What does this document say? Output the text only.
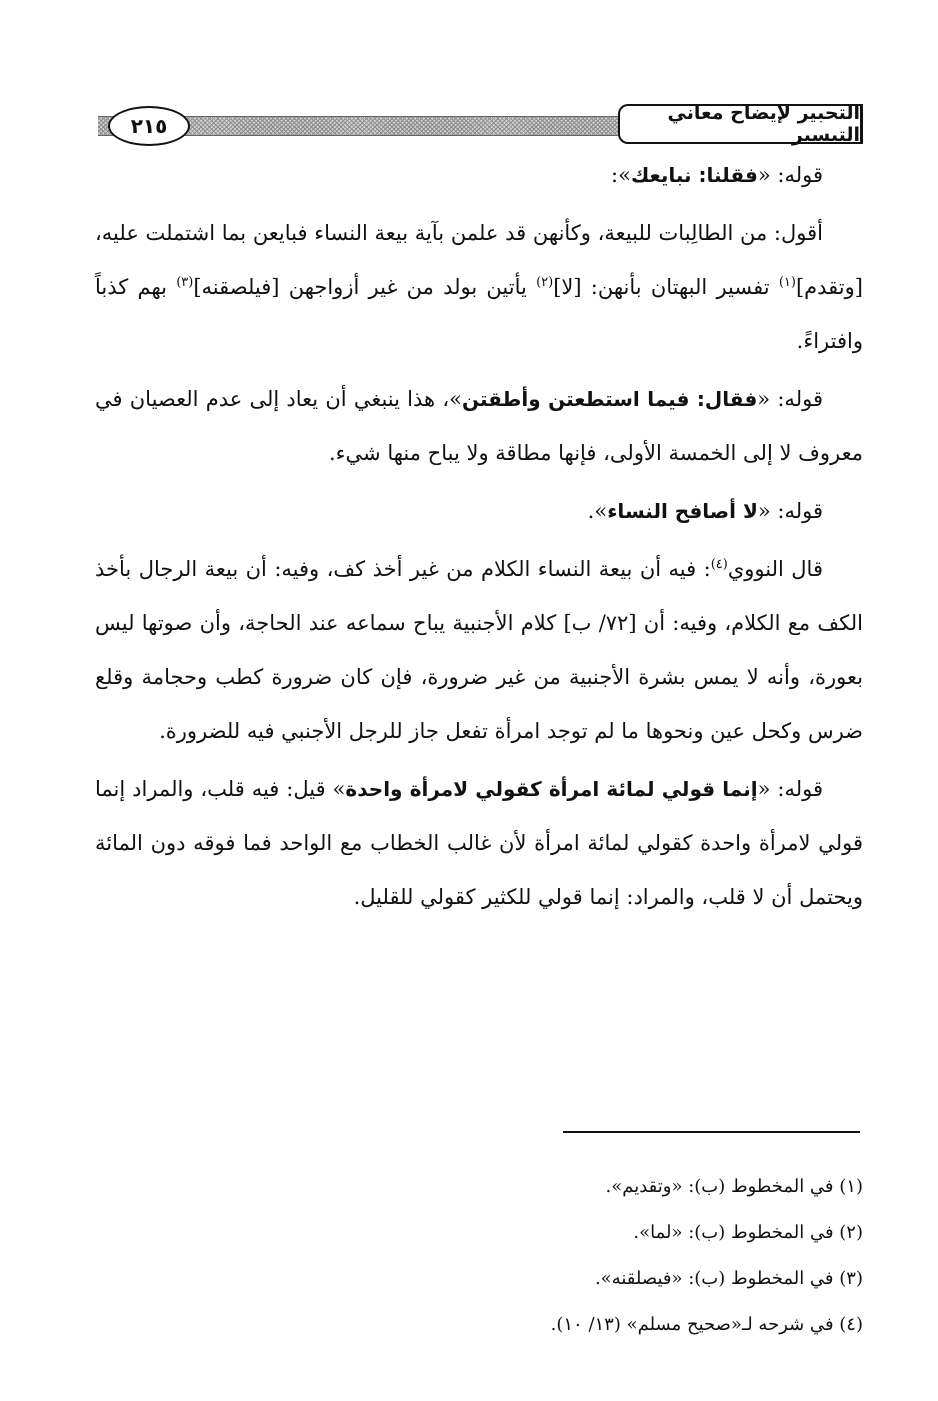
٢١٥
التحبير لإيضاح معاني التيسير

قوله: «فقلنا: نبايعك»:

أقول: من الطالِبات للبيعة، وكأنهن قد علمن بآية بيعة النساء فبايعن بما اشتملت عليه، [وتقدم]$^{(١)}$ تفسير البهتان بأنهن: [لا]$^{(٢)}$ يأتين بولد من غير أزواجهن [فيلصقنه]$^{(٣)}$ بهم كذباً وافتراءً.

قوله: «فقال: فيما استطعتن وأطقتن»، هذا ينبغي أن يعاد إلى عدم العصيان في معروف لا إلى الخمسة الأولى، فإنها مطاقة ولا يباح منها شيء.

قوله: «لا أصافح النساء».

قال النووي$^{(٤)}$: فيه أن بيعة النساء الكلام من غير أخذ كف، وفيه: أن بيعة الرجال بأخذ الكف مع الكلام، وفيه: أن [٧٢/ ب] كلام الأجنبية يباح سماعه عند الحاجة، وأن صوتها ليس بعورة، وأنه لا يمس بشرة الأجنبية من غير ضرورة، فإن كان ضرورة كطب وحجامة وقلع ضرس وكحل عين ونحوها ما لم توجد امرأة تفعل جاز للرجل الأجنبي فيه للضرورة.

قوله: «إنما قولي لمائة امرأة كقولي لامرأة واحدة» قيل: فيه قلب، والمراد إنما قولي لامرأة واحدة كقولي لمائة امرأة لأن غالب الخطاب مع الواحد فما فوقه دون المائة ويحتمل أن لا قلب، والمراد: إنما قولي للكثير كقولي للقليل.

(١) في المخطوط (ب): «وتقديم».
(٢) في المخطوط (ب): «لما».
(٣) في المخطوط (ب): «فيصلقنه».
(٤) في شرحه لـ«صحيح مسلم» (١٣/ ١٠).
